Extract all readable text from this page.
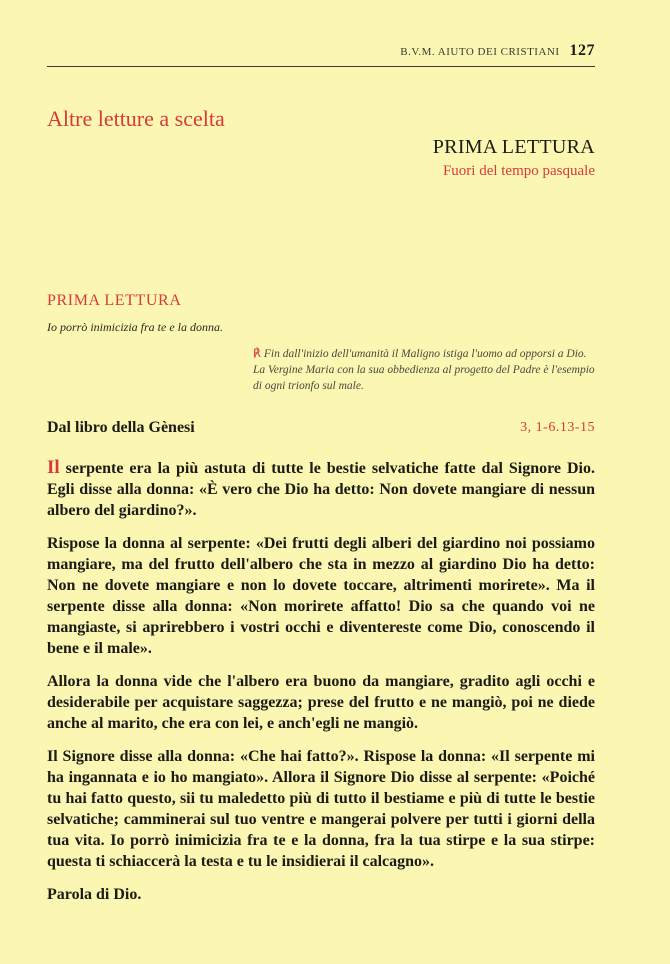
B.V.M. AIUTO DEI CRISTIANI 127
Altre letture a scelta
PRIMA LETTURA
Fuori del tempo pasquale
PRIMA LETTURA
Io porrò inimicizia fra te e la donna.
℟ Fin dall'inizio dell'umanità il Maligno istiga l'uomo ad opporsi a Dio. La Vergine Maria con la sua obbedienza al progetto del Padre è l'esempio di ogni trionfo sul male.
Dal libro della Gènesi	3, 1-6.13-15

Il serpente era la più astuta di tutte le bestie selvatiche fatte dal Signore Dio. Egli disse alla donna: «È vero che Dio ha detto: Non dovete mangiare di nessun albero del giardino?».

Rispose la donna al serpente: «Dei frutti degli alberi del giardino noi possiamo mangiare, ma del frutto dell'albero che sta in mezzo al giardino Dio ha detto: Non ne dovete mangiare e non lo dovete toccare, altrimenti morirete». Ma il serpente disse alla donna: «Non morirete affatto! Dio sa che quando voi ne mangiaste, si aprirebbero i vostri occhi e diventereste come Dio, conoscendo il bene e il male».

Allora la donna vide che l'albero era buono da mangiare, gradito agli occhi e desiderabile per acquistare saggezza; prese del frutto e ne mangiò, poi ne diede anche al marito, che era con lei, e anch'egli ne mangiò.

Il Signore disse alla donna: «Che hai fatto?». Rispose la donna: «Il serpente mi ha ingannata e io ho mangiato». Allora il Signore Dio disse al serpente: «Poiché tu hai fatto questo, sii tu maledetto più di tutto il bestiame e più di tutte le bestie selvatiche; camminerai sul tuo ventre e mangerai polvere per tutti i giorni della tua vita. Io porrò inimicizia fra te e la donna, fra la tua stirpe e la sua stirpe: questa ti schiaccerà la testa e tu le insidierai il calcagno».

Parola di Dio.
